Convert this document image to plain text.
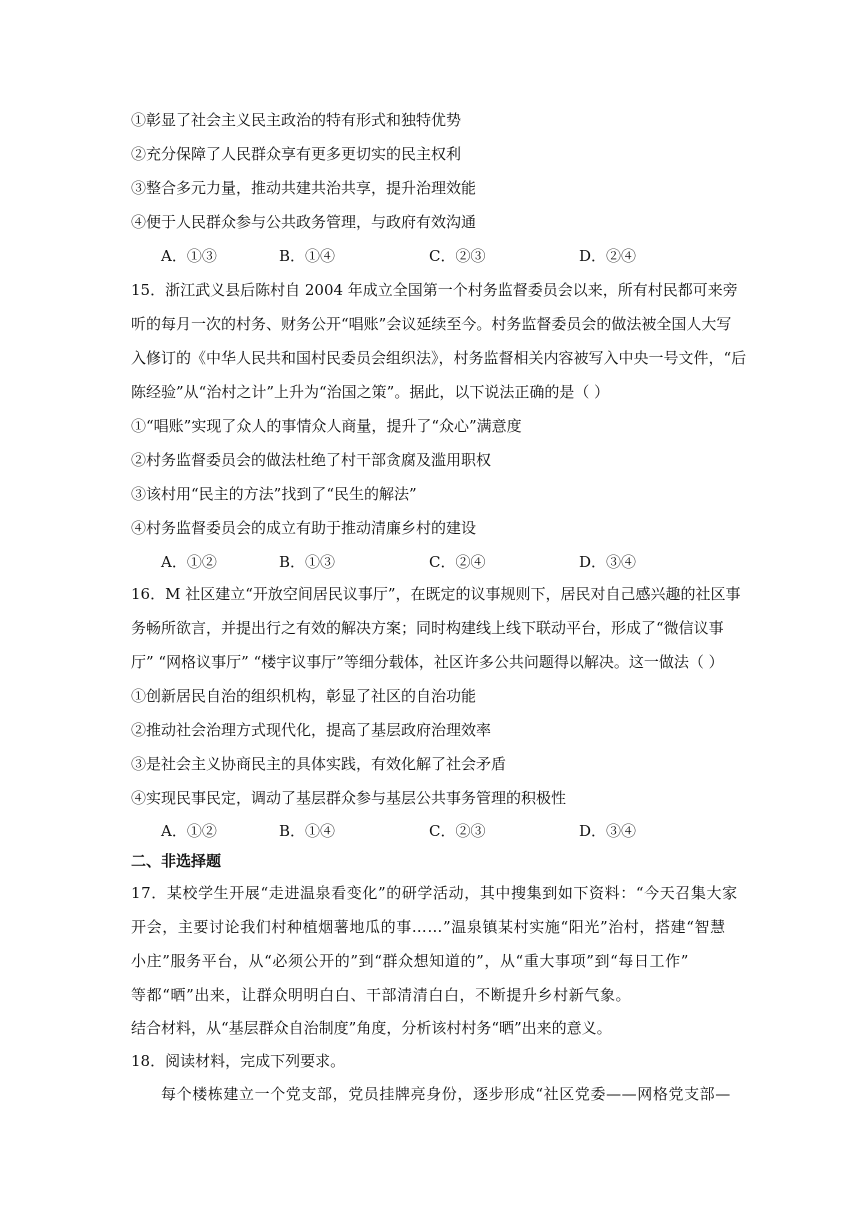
①彰显了社会主义民主政治的特有形式和独特优势
②充分保障了人民群众享有更多更切实的民主权利
③整合多元力量，推动共建共治共享，提升治理效能
④便于人民群众参与公共政务管理，与政府有效沟通
A．①③	B．①④	C．②③	D．②④
15．浙江武义县后陈村自 2004 年成立全国第一个村务监督委员会以来，所有村民都可来旁
听的每月一次的村务、财务公开“唱账”会议延续至今。村务监督委员会的做法被全国人大写
入修订的《中华人民共和国村民委员会组织法》，村务监督相关内容被写入中央一号文件，“后
陈经验”从“治村之计”上升为“治国之策”。据此，以下说法正确的是（ ）
①“唱账”实现了众人的事情众人商量，提升了“众心”满意度
②村务监督委员会的做法杜绝了村干部贪腐及滥用职权
③该村用“民主的方法”找到了“民生的解法”
④村务监督委员会的成立有助于推动清廉乡村的建设
A．①②	B．①③	C．②④	D．③④
16．M 社区建立“开放空间居民议事厅”，在既定的议事规则下，居民对自己感兴趣的社区事
务畅所欲言，并提出行之有效的解决方案；同时构建线上线下联动平台，形成了“微信议事
厅” “网格议事厅” “楼宇议事厅”等细分载体，社区许多公共问题得以解决。这一做法（ ）
①创新居民自治的组织机构，彰显了社区的自治功能
②推动社会治理方式现代化，提高了基层政府治理效率
③是社会主义协商民主的具体实践，有效化解了社会矛盾
④实现民事民定，调动了基层群众参与基层公共事务管理的积极性
A．①②	B．①④	C．②③	D．③④
二、非选择题
17．某校学生开展“走进温泉看变化”的研学活动，其中搜集到如下资料：“今天召集大家
开会，主要讨论我们村种植烟薯地瓜的事……”温泉镇某村实施“阳光”治村，搭建“智慧
小庄”服务平台，从“必须公开的”到“群众想知道的”，从“重大事项”到“每日工作”
等都“晒”出来，让群众明明白白、干部清清白白，不断提升乡村新气象。
结合材料，从“基层群众自治制度”角度，分析该村村务“晒”出来的意义。
18．阅读材料，完成下列要求。
每个楼栋建立一个党支部，党员挂牌亮身份，逐步形成“社区党委——网格党支部—
